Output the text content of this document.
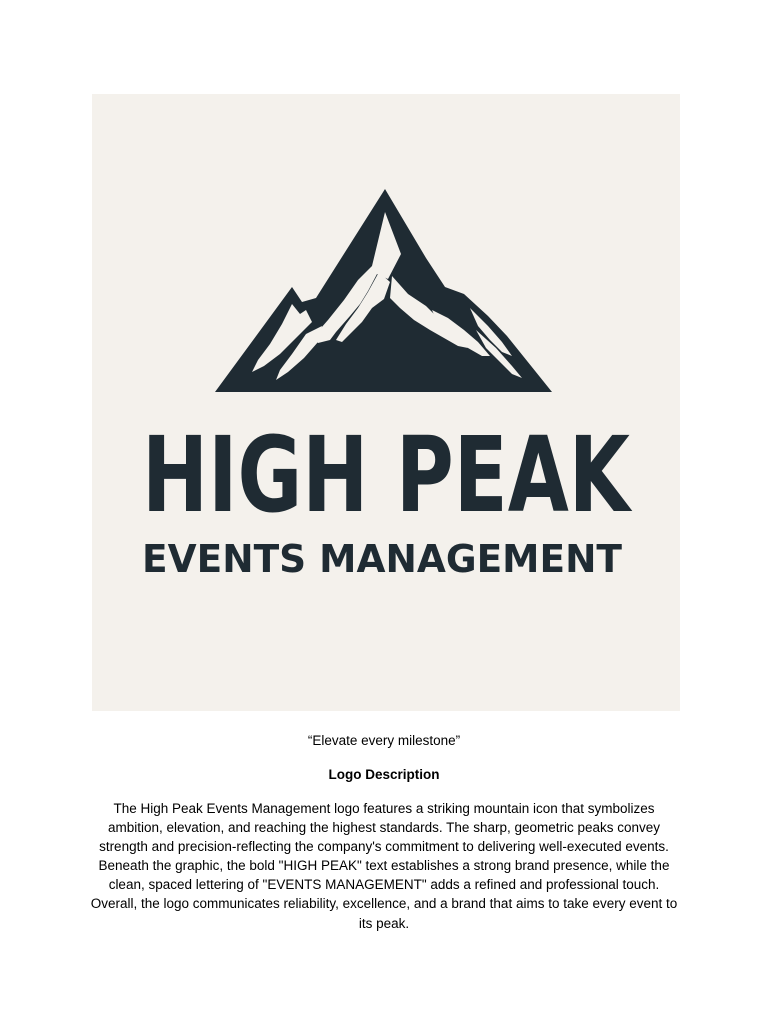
HIGH PEAK
EVENTS MANAGEMENT
“Elevate every milestone”
Logo Description

The High Peak Events Management logo features a striking mountain icon that symbolizes ambition, elevation, and reaching the highest standards. The sharp, geometric peaks convey strength and precision-reflecting the company's commitment to delivering well-executed events. Beneath the graphic, the bold "HIGH PEAK" text establishes a strong brand presence, while the clean, spaced lettering of "EVENTS MANAGEMENT" adds a refined and professional touch. Overall, the logo communicates reliability, excellence, and a brand that aims to take every event to its peak.
